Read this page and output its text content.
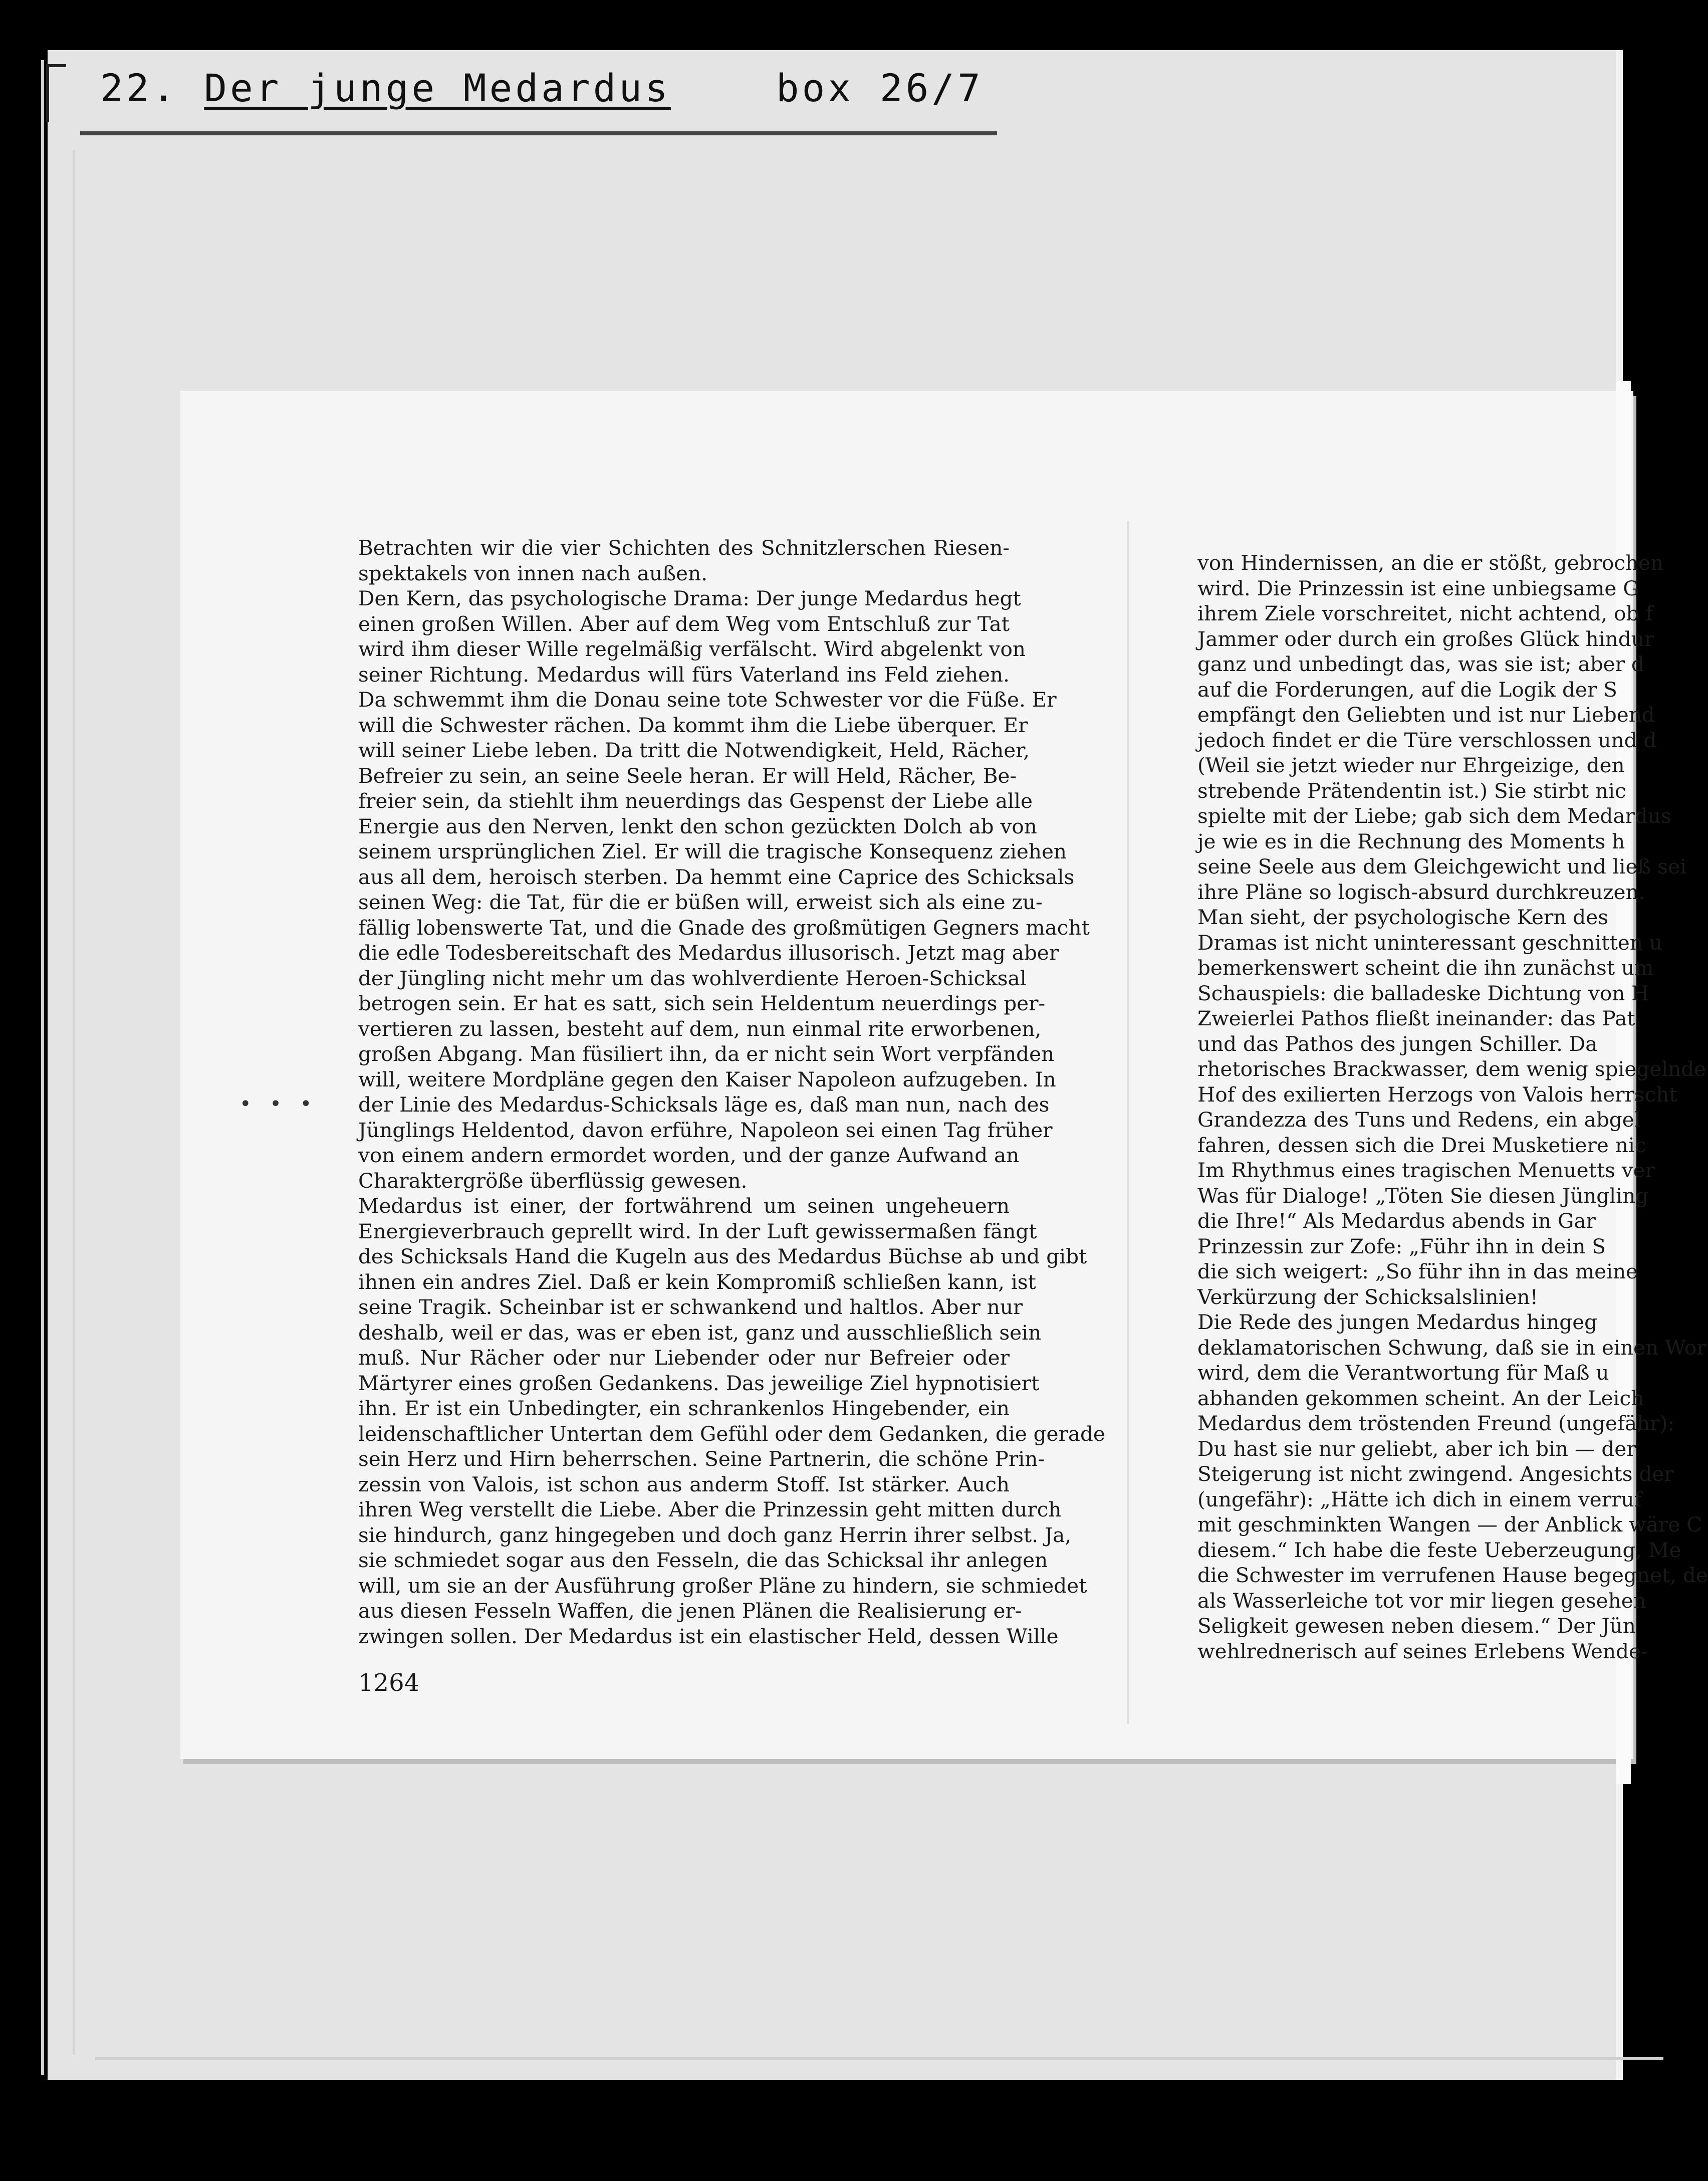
22. Der junge Medardus	box 26/7
Betrachten wir die vier Schichten des Schnitzlerschen Riesen-
spektakels von innen nach außen.
Den Kern, das psychologische Drama: Der junge Medardus hegt
einen großen Willen. Aber auf dem Weg vom Entschluß zur Tat
wird ihm dieser Wille regelmäßig verfälscht. Wird abgelenkt von
seiner Richtung. Medardus will fürs Vaterland ins Feld ziehen.
Da schwemmt ihm die Donau seine tote Schwester vor die Füße. Er
will die Schwester rächen. Da kommt ihm die Liebe überquer. Er
will seiner Liebe leben. Da tritt die Notwendigkeit, Held, Rächer,
Befreier zu sein, an seine Seele heran. Er will Held, Rächer, Be-
freier sein, da stiehlt ihm neuerdings das Gespenst der Liebe alle
Energie aus den Nerven, lenkt den schon gezückten Dolch ab von
seinem ursprünglichen Ziel. Er will die tragische Konsequenz ziehen
aus all dem, heroisch sterben. Da hemmt eine Caprice des Schicksals
seinen Weg: die Tat, für die er büßen will, erweist sich als eine zu-
fällig lobenswerte Tat, und die Gnade des großmütigen Gegners macht
die edle Todesbereitschaft des Medardus illusorisch. Jetzt mag aber
der Jüngling nicht mehr um das wohlverdiente Heroen-Schicksal
betrogen sein. Er hat es satt, sich sein Heldentum neuerdings per-
vertieren zu lassen, besteht auf dem, nun einmal rite erworbenen,
großen Abgang. Man füsiliert ihn, da er nicht sein Wort verpfänden
will, weitere Mordpläne gegen den Kaiser Napoleon aufzugeben. In
der Linie des Medardus-Schicksals läge es, daß man nun, nach des
Jünglings Heldentod, davon erführe, Napoleon sei einen Tag früher
von einem andern ermordet worden, und der ganze Aufwand an
Charaktergröße überflüssig gewesen.
Medardus ist einer, der fortwährend um seinen ungeheuern
Energieverbrauch geprellt wird. In der Luft gewissermaßen fängt
des Schicksals Hand die Kugeln aus des Medardus Büchse ab und gibt
ihnen ein andres Ziel. Daß er kein Kompromiß schließen kann, ist
seine Tragik. Scheinbar ist er schwankend und haltlos. Aber nur
deshalb, weil er das, was er eben ist, ganz und ausschließlich sein
muß. Nur Rächer oder nur Liebender oder nur Befreier oder
Märtyrer eines großen Gedankens. Das jeweilige Ziel hypnotisiert
ihn. Er ist ein Unbedingter, ein schrankenlos Hingebender, ein
leidenschaftlicher Untertan dem Gefühl oder dem Gedanken, die gerade
sein Herz und Hirn beherrschen. Seine Partnerin, die schöne Prin-
zessin von Valois, ist schon aus anderm Stoff. Ist stärker. Auch
ihren Weg verstellt die Liebe. Aber die Prinzessin geht mitten durch
sie hindurch, ganz hingegeben und doch ganz Herrin ihrer selbst. Ja,
sie schmiedet sogar aus den Fesseln, die das Schicksal ihr anlegen
will, um sie an der Ausführung großer Pläne zu hindern, sie schmiedet
aus diesen Fesseln Waffen, die jenen Plänen die Realisierung er-
zwingen sollen. Der Medardus ist ein elastischer Held, dessen Wille
von Hindernissen, an die er stößt, gebrochen
wird. Die Prinzessin ist eine unbiegsame G
ihrem Ziele vorschreitet, nicht achtend, ob f
Jammer oder durch ein großes Glück hindur
ganz und unbedingt das, was sie ist; aber d
auf die Forderungen, auf die Logik der S
empfängt den Geliebten und ist nur Liebend
jedoch findet er die Türe verschlossen und d
(Weil sie jetzt wieder nur Ehrgeizige, den
strebende Prätendentin ist.) Sie stirbt nic
spielte mit der Liebe; gab sich dem Medardus
je wie es in die Rechnung des Moments h
seine Seele aus dem Gleichgewicht und ließ sei
ihre Pläne so logisch-absurd durchkreuzen.
Man sieht, der psychologische Kern des
Dramas ist nicht uninteressant geschnitten u
bemerkenswert scheint die ihn zunächst um
Schauspiels: die balladeske Dichtung von H
Zweierlei Pathos fließt ineinander: das Pat
und das Pathos des jungen Schiller. Da
rhetorisches Brackwasser, dem wenig spiegelnde
Hof des exilierten Herzogs von Valois herrscht
Grandezza des Tuns und Redens, ein abgel
fahren, dessen sich die Drei Musketiere nic
Im Rhythmus eines tragischen Menuetts ver
Was für Dialoge! „Töten Sie diesen Jüngling
die Ihre!“ Als Medardus abends in Gar
Prinzessin zur Zofe: „Führ ihn in dein S
die sich weigert: „So führ ihn in das meine
Verkürzung der Schicksalslinien!
Die Rede des jungen Medardus hingeg
deklamatorischen Schwung, daß sie in einen Wor
wird, dem die Verantwortung für Maß u
abhanden gekommen scheint. An der Leich
Medardus dem tröstenden Freund (ungefähr):
Du hast sie nur geliebt, aber ich bin — der
Steigerung ist nicht zwingend. Angesichts der
(ungefähr): „Hätte ich dich in einem verruf
mit geschminkten Wangen — der Anblick wäre C
diesem.“ Ich habe die feste Ueberzeugung, Me
die Schwester im verrufenen Hause begegnet, de
als Wasserleiche tot vor mir liegen gesehen
Seligkeit gewesen neben diesem.“ Der Jün
wehlrednerisch auf seines Erlebens Wende-
• • •
1264
